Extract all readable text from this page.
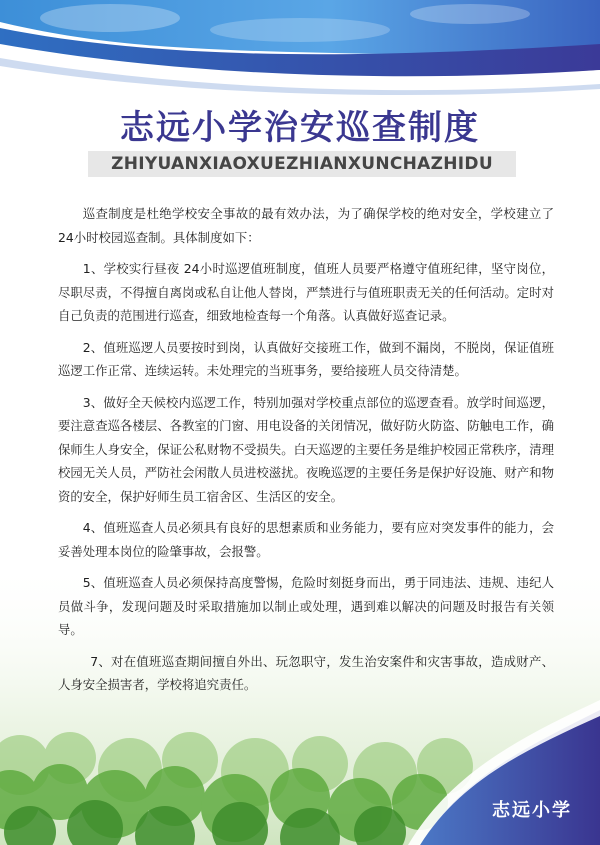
志远小学治安巡查制度
ZHIYUANXIAOXUEZHIANXUNCHAZHIDU

巡查制度是杜绝学校安全事故的最有效办法，为了确保学校的绝对安全，学校建立了24小时校园巡查制。具体制度如下：

1、学校实行昼夜 24小时巡逻值班制度，值班人员要严格遵守值班纪律，坚守岗位，尽职尽责，不得擅自离岗或私自让他人替岗，严禁进行与值班职责无关的任何活动。定时对自己负责的范围进行巡查，细致地检查每一个角落。认真做好巡查记录。

2、值班巡逻人员要按时到岗，认真做好交接班工作，做到不漏岗，不脱岗，保证值班巡逻工作正常、连续运转。未处理完的当班事务，要给接班人员交待清楚。

3、做好全天候校内巡逻工作，特别加强对学校重点部位的巡逻查看。放学时间巡逻，要注意查巡各楼层、各教室的门窗、用电设备的关闭情况，做好防火防盗、防触电工作，确保师生人身安全，保证公私财物不受损失。白天巡逻的主要任务是维护校园正常秩序，清理校园无关人员，严防社会闲散人员进校滋扰。夜晚巡逻的主要任务是保护好设施、财产和物资的安全，保护好师生员工宿舍区、生活区的安全。

4、值班巡查人员必须具有良好的思想素质和业务能力，要有应对突发事件的能力，会妥善处理本岗位的险肇事故，会报警。

5、值班巡查人员必须保持高度警惕，危险时刻挺身而出，勇于同违法、违规、违纪人员做斗争，发现问题及时采取措施加以制止或处理，遇到难以解决的问题及时报告有关领导。

7、对在值班巡查期间擅自外出、玩忽职守，发生治安案件和灾害事故，造成财产、人身安全损害者，学校将追究责任。

志远小学
